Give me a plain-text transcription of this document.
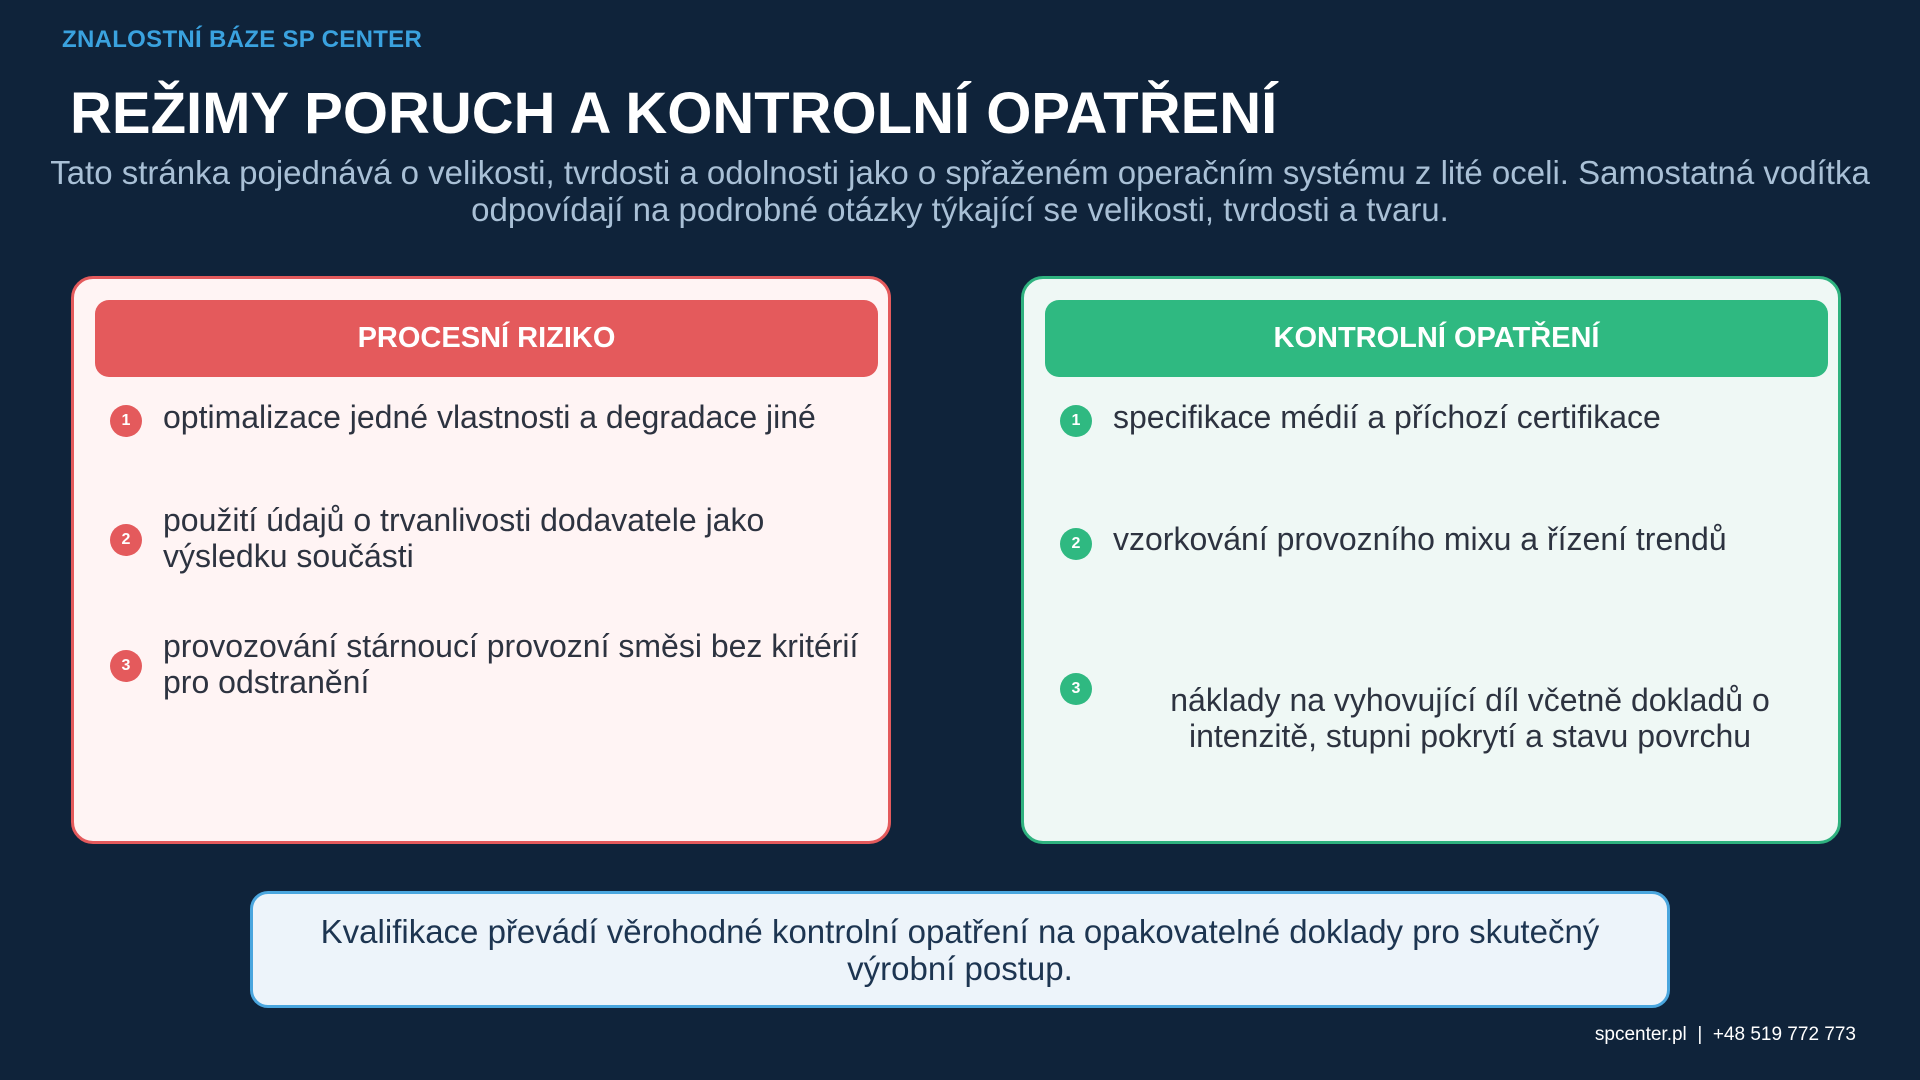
ZNALOSTNÍ BÁZE SP CENTER
REŽIMY PORUCH A KONTROLNÍ OPATŘENÍ
Tato stránka pojednává o velikosti, tvrdosti a odolnosti jako o spřaženém operačním systému z lité oceli. Samostatná vodítka
odpovídají na podrobné otázky týkající se velikosti, tvrdosti a tvaru.
PROCESNÍ RIZIKO
1	optimalizace jedné vlastnosti a degradace jiné
2
použití údajů o trvanlivosti dodavatele jako
výsledku součásti
3
provozování stárnoucí provozní směsi bez kritérií
pro odstranění
KONTROLNÍ OPATŘENÍ
1	specifikace médií a příchozí certifikace
2	vzorkování provozního mixu a řízení trendů
3	náklady na vyhovující díl včetně dokladů o
intenzitě, stupni pokrytí a stavu povrchu
Kvalifikace převádí věrohodné kontrolní opatření na opakovatelné doklady pro skutečný
výrobní postup.
spcenter.pl  |  +48 519 772 773
